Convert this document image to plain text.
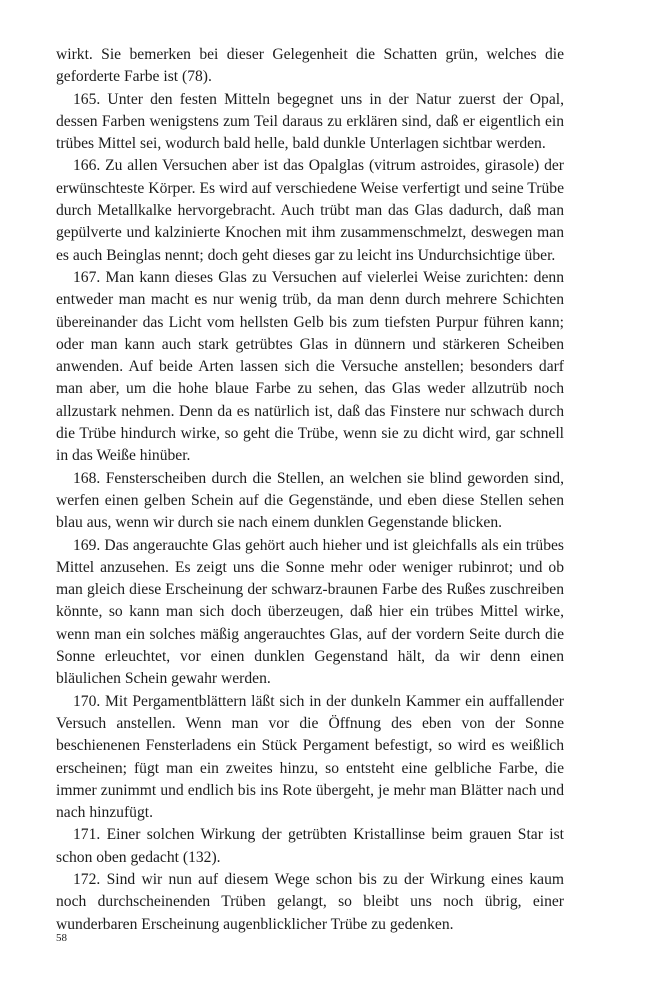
wirkt. Sie bemerken bei dieser Gelegenheit die Schatten grün, welches die geforderte Farbe ist (78).

165. Unter den festen Mitteln begegnet uns in der Natur zuerst der Opal, dessen Farben wenigstens zum Teil daraus zu erklären sind, daß er eigentlich ein trübes Mittel sei, wodurch bald helle, bald dunkle Unterlagen sichtbar werden.

166. Zu allen Versuchen aber ist das Opalglas (vitrum astroides, girasole) der erwünschteste Körper. Es wird auf verschiedene Weise verfertigt und seine Trübe durch Metallkalke hervorgebracht. Auch trübt man das Glas dadurch, daß man gepülverte und kalzinierte Knochen mit ihm zusammenschmelzt, deswegen man es auch Beinglas nennt; doch geht dieses gar zu leicht ins Undurchsichtige über.

167. Man kann dieses Glas zu Versuchen auf vielerlei Weise zurichten: denn entweder man macht es nur wenig trüb, da man denn durch mehrere Schichten übereinander das Licht vom hellsten Gelb bis zum tiefsten Purpur führen kann; oder man kann auch stark getrübtes Glas in dünnern und stärkeren Scheiben anwenden. Auf beide Arten lassen sich die Versuche anstellen; besonders darf man aber, um die hohe blaue Farbe zu sehen, das Glas weder allzutrüb noch allzustark nehmen. Denn da es natürlich ist, daß das Finstere nur schwach durch die Trübe hindurch wirke, so geht die Trübe, wenn sie zu dicht wird, gar schnell in das Weiße hinüber.

168. Fensterscheiben durch die Stellen, an welchen sie blind geworden sind, werfen einen gelben Schein auf die Gegenstände, und eben diese Stellen sehen blau aus, wenn wir durch sie nach einem dunklen Gegenstande blicken.

169. Das angerauchte Glas gehört auch hieher und ist gleichfalls als ein trübes Mittel anzusehen. Es zeigt uns die Sonne mehr oder weniger rubinrot; und ob man gleich diese Erscheinung der schwarz-braunen Farbe des Rußes zuschreiben könnte, so kann man sich doch überzeugen, daß hier ein trübes Mittel wirke, wenn man ein solches mäßig angerauchtes Glas, auf der vordern Seite durch die Sonne erleuchtet, vor einen dunklen Gegenstand hält, da wir denn einen bläulichen Schein gewahr werden.

170. Mit Pergamentblättern läßt sich in der dunkeln Kammer ein auffallender Versuch anstellen. Wenn man vor die Öffnung des eben von der Sonne beschienenen Fensterladens ein Stück Pergament befestigt, so wird es weißlich erscheinen; fügt man ein zweites hinzu, so entsteht eine gelbliche Farbe, die immer zunimmt und endlich bis ins Rote übergeht, je mehr man Blätter nach und nach hinzufügt.

171. Einer solchen Wirkung der getrübten Kristallinse beim grauen Star ist schon oben gedacht (132).

172. Sind wir nun auf diesem Wege schon bis zu der Wirkung eines kaum noch durchscheinenden Trüben gelangt, so bleibt uns noch übrig, einer wunderbaren Erscheinung augenblicklicher Trübe zu gedenken.

58
